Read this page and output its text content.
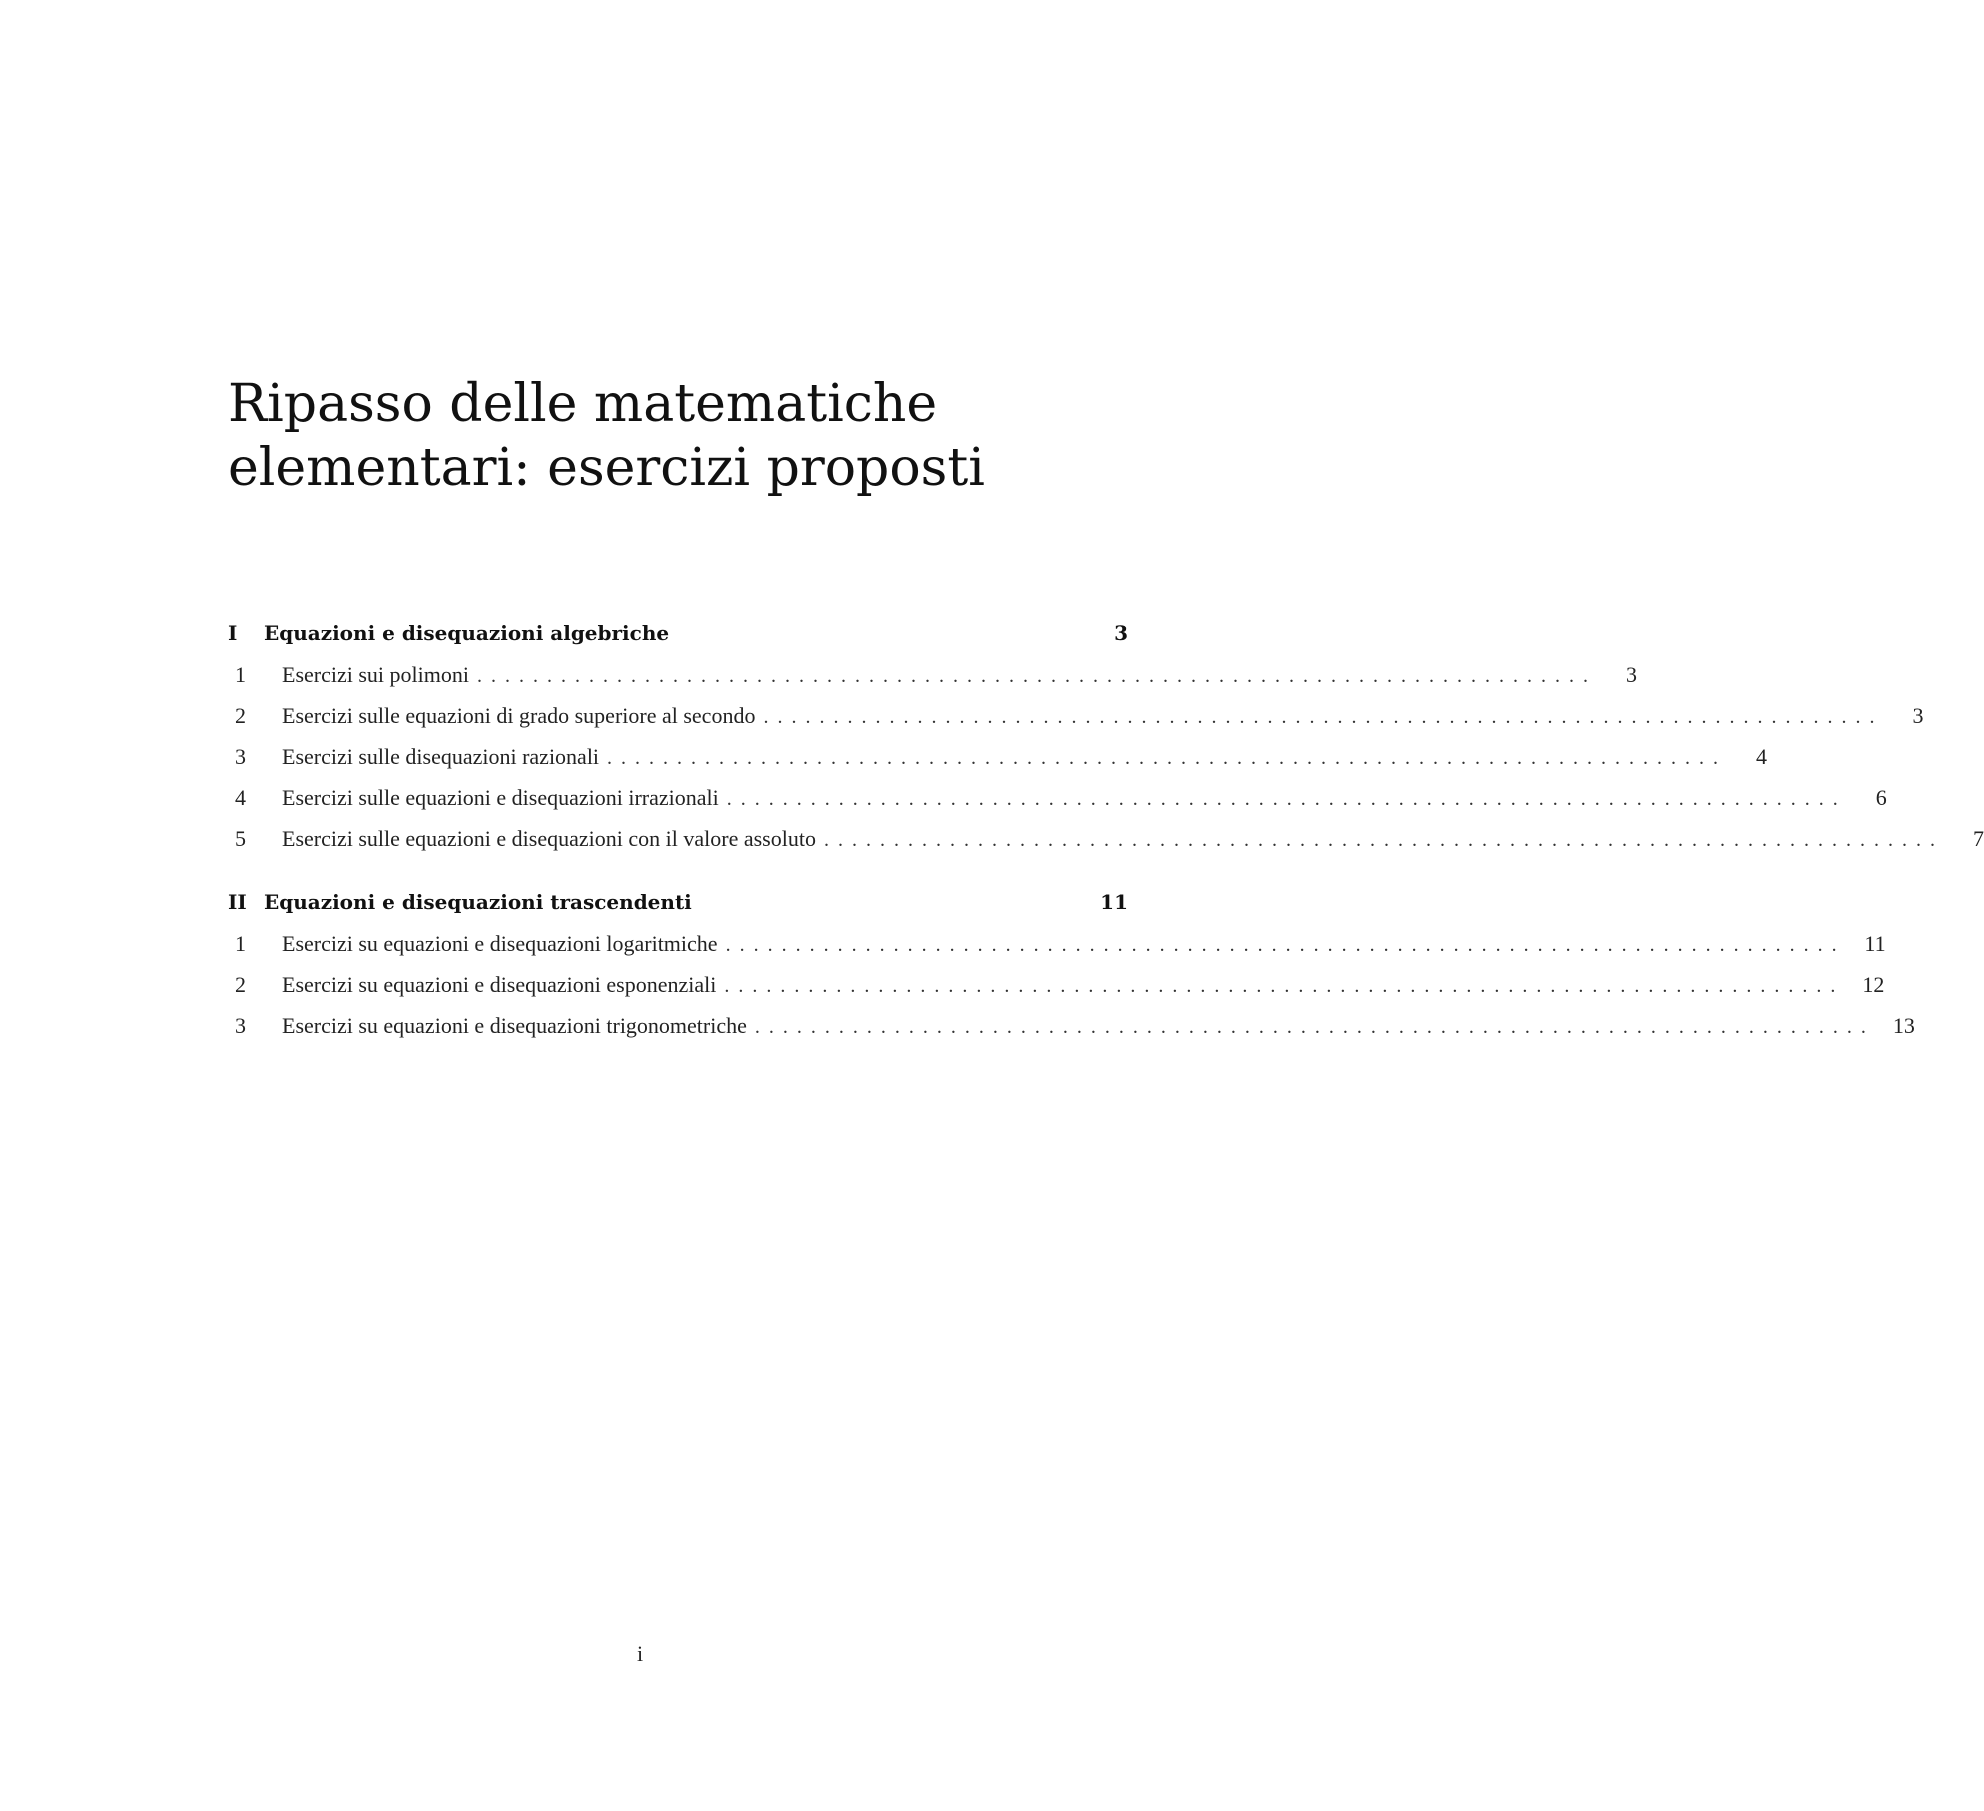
Ripasso delle matematiche
elementari: esercizi proposti
I	Equazioni e disequazioni algebriche	3
1	Esercizi sui polimoni ................................................................................	3
2	Esercizi sulle equazioni di grado superiore al secondo ................................................................................	3
3	Esercizi sulle disequazioni razionali ................................................................................	4
4	Esercizi sulle equazioni e disequazioni irrazionali ................................................................................	6
5	Esercizi sulle equazioni e disequazioni con il valore assoluto ................................................................................	7
II Equazioni e disequazioni trascendenti	11
1	Esercizi su equazioni e disequazioni logaritmiche ................................................................................ 11
2	Esercizi su equazioni e disequazioni esponenziali ................................................................................ 12
3	Esercizi su equazioni e disequazioni trigonometriche ................................................................................ 13
i
